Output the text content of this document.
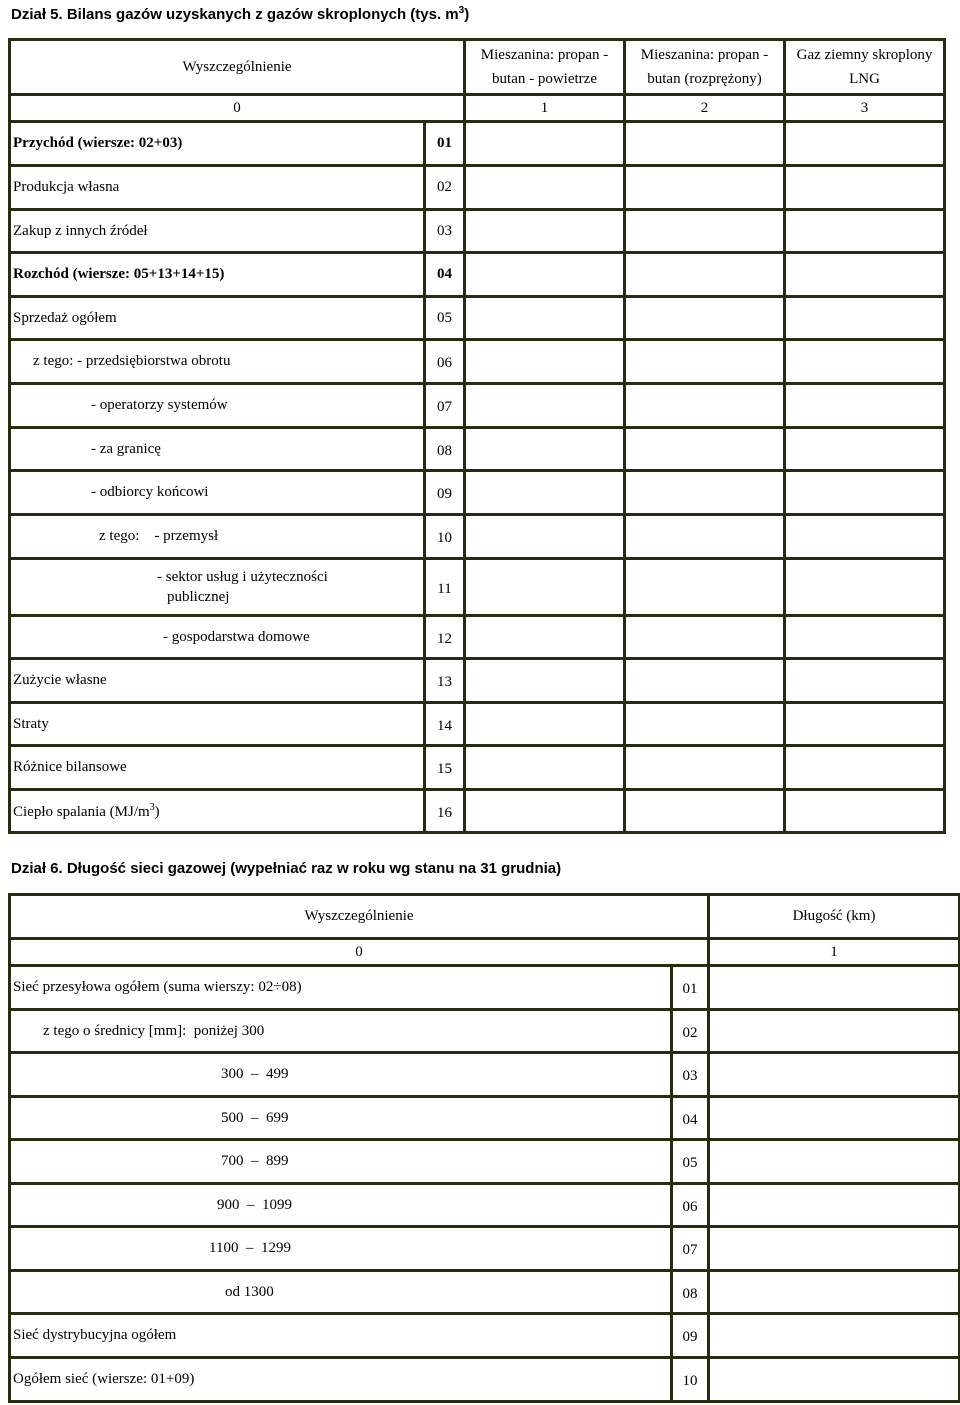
Dział 5. Bilans gazów uzyskanych z gazów skroplonych (tys. $m^3$)
Wyszczególnienie		Mieszanina: propan -
butan - powietrze	Mieszanina: propan -
butan (rozprężony)	Gaz ziemny skroplony
LNG
0		1	2	3
Przychód (wiersze: 02+03)	01			
Produkcja własna	02			
Zakup z innych źródeł	03			
Rozchód (wiersze: 05+13+14+15)	04			
Sprzedaż ogółem	05			
z tego: - przedsiębiorstwa obrotu	06			
- operatorzy systemów	07			
- za granicę	08			
- odbiorcy końcowi	09			
z tego:    - przemysł	10			
- sektor usług i użyteczności
publicznej	11			
- gospodarstwa domowe	12			
Zużycie własne	13			
Straty	14			
Różnice bilansowe	15			
Ciepło spalania $(MJ/m^3)$	16			
Dział 6. Długość sieci gazowej (wypełniać raz w roku wg stanu na 31 grudnia)
Wyszczególnienie		Długość (km)
0		1
Sieć przesyłowa ogółem (suma wierszy: 02÷08)	01	
z tego o średnicy [mm]:  poniżej 300	02	
300  –  499	03	
500  –  699	04	
700  –  899	05	
900  –  1099	06	
1100  –  1299	07	
od 1300	08	
Sieć dystrybucyjna ogółem	09	
Ogółem sieć (wiersze: 01+09)	10	
